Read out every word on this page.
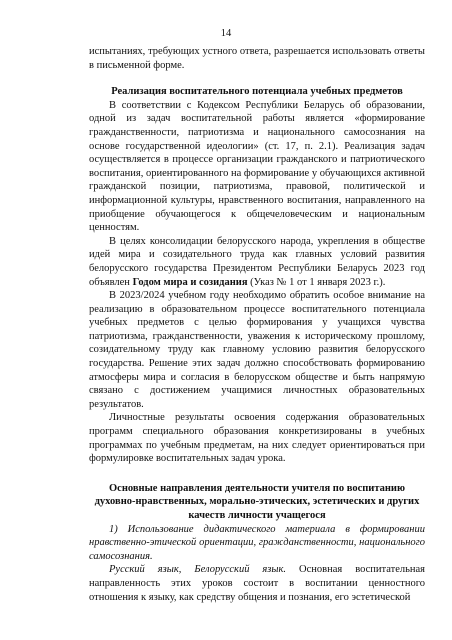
14

испытаниях, требующих устного ответа, разрешается использовать ответы в письменной форме.

Реализация воспитательного потенциала учебных предметов

В соответствии с Кодексом Республики Беларусь об образовании, одной из задач воспитательной работы является «формирование гражданственности, патриотизма и национального самосознания на основе государственной идеологии» (ст. 17, п. 2.1). Реализация задач осуществляется в процессе организации гражданского и патриотического воспитания, ориентированного на формирование у обучающихся активной гражданской позиции, патриотизма, правовой, политической и информационной культуры, нравственного воспитания, направленного на приобщение обучающегося к общечеловеческим и национальным ценностям.

В целях консолидации белорусского народа, укрепления в обществе идей мира и созидательного труда как главных условий развития белорусского государства Президентом Республики Беларусь 2023 год объявлен Годом мира и созидания (Указ № 1 от 1 января 2023 г.).

В 2023/2024 учебном году необходимо обратить особое внимание на реализацию в образовательном процессе воспитательного потенциала учебных предметов с целью формирования у учащихся чувства патриотизма, гражданственности, уважения к историческому прошлому, созидательному труду как главному условию развития белорусского государства. Решение этих задач должно способствовать формированию атмосферы мира и согласия в белорусском обществе и быть напрямую связано с достижением учащимися личностных образовательных результатов.

Личностные результаты освоения содержания образовательных программ специального образования конкретизированы в учебных программах по учебным предметам, на них следует ориентироваться при формулировке воспитательных задач урока.

Основные направления деятельности учителя по воспитанию духовно-нравственных, морально-этических, эстетических и других качеств личности учащегося

1) Использование дидактического материала в формировании нравственно-этической ориентации, гражданственности, национального самосознания.

Русский язык, Белорусский язык. Основная воспитательная направленность этих уроков состоит в воспитании ценностного отношения к языку, как средству общения и познания, его эстетической
